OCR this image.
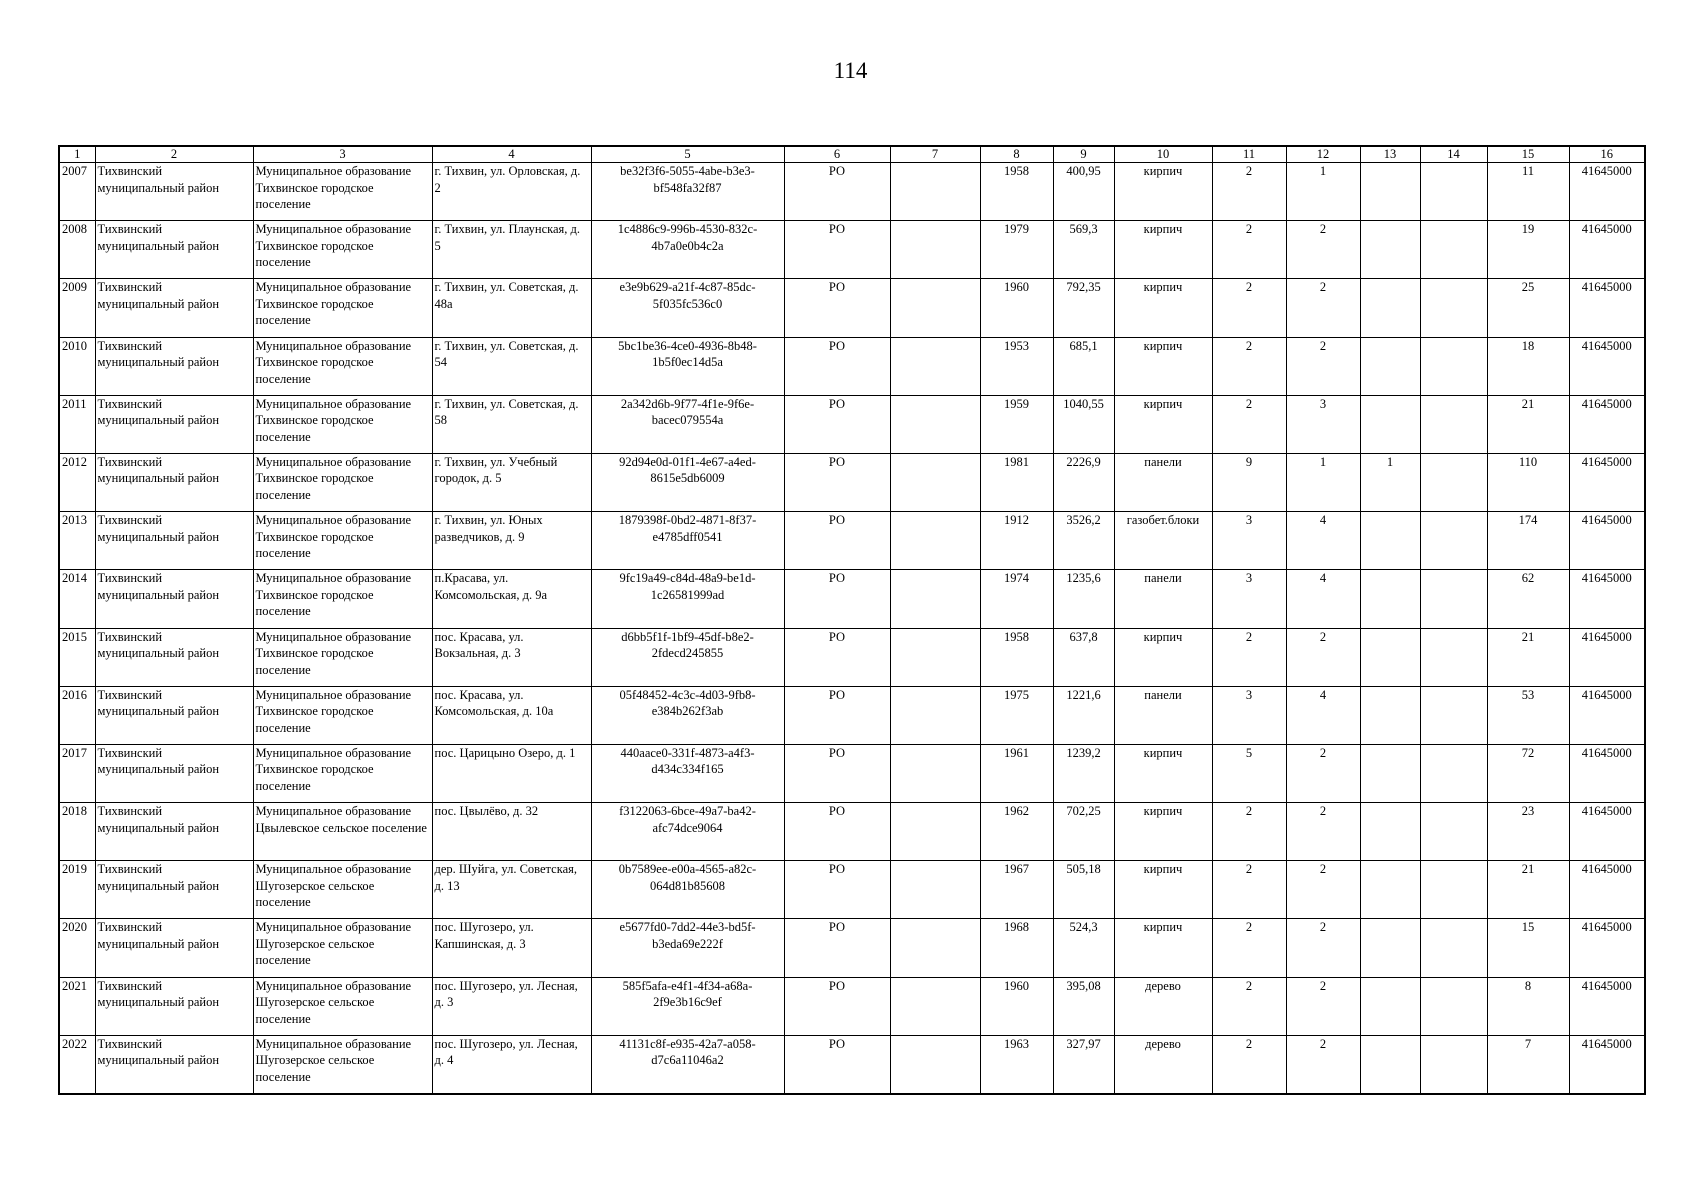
114
1	2	3	4	5	6	7	8	9	10	11	12	13	14	15	16
2007	Тихвинский муниципальный район	Муниципальное образование Тихвинское городское поселение	г. Тихвин, ул. Орловская, д. 2	be32f3f6-5055-4abe-b3e3-bf548fa32f87	РО		1958	400,95	кирпич	2	1			11	41645000
2008	Тихвинский муниципальный район	Муниципальное образование Тихвинское городское поселение	г. Тихвин, ул. Плаунская, д. 5	1c4886c9-996b-4530-832c-4b7a0e0b4c2a	РО		1979	569,3	кирпич	2	2			19	41645000
2009	Тихвинский муниципальный район	Муниципальное образование Тихвинское городское поселение	г. Тихвин, ул. Советская, д. 48а	e3e9b629-a21f-4c87-85dc-5f035fc536c0	РО		1960	792,35	кирпич	2	2			25	41645000
2010	Тихвинский муниципальный район	Муниципальное образование Тихвинское городское поселение	г. Тихвин, ул. Советская, д. 54	5bc1be36-4ce0-4936-8b48-1b5f0ec14d5a	РО		1953	685,1	кирпич	2	2			18	41645000
2011	Тихвинский муниципальный район	Муниципальное образование Тихвинское городское поселение	г. Тихвин, ул. Советская, д. 58	2a342d6b-9f77-4f1e-9f6e-bacec079554a	РО		1959	1040,55	кирпич	2	3			21	41645000
2012	Тихвинский муниципальный район	Муниципальное образование Тихвинское городское поселение	г. Тихвин, ул. Учебный городок, д. 5	92d94e0d-01f1-4e67-a4ed-8615e5db6009	РО		1981	2226,9	панели	9	1	1		110	41645000
2013	Тихвинский муниципальный район	Муниципальное образование Тихвинское городское поселение	г. Тихвин, ул. Юных разведчиков, д. 9	1879398f-0bd2-4871-8f37-e4785dff0541	РО		1912	3526,2	газобет.блоки	3	4			174	41645000
2014	Тихвинский муниципальный район	Муниципальное образование Тихвинское городское поселение	п.Красава, ул. Комсомольская, д. 9а	9fc19a49-c84d-48a9-be1d-1c26581999ad	РО		1974	1235,6	панели	3	4			62	41645000
2015	Тихвинский муниципальный район	Муниципальное образование Тихвинское городское поселение	пос. Красава, ул. Вокзальная, д. 3	d6bb5f1f-1bf9-45df-b8e2-2fdecd245855	РО		1958	637,8	кирпич	2	2			21	41645000
2016	Тихвинский муниципальный район	Муниципальное образование Тихвинское городское поселение	пос. Красава, ул. Комсомольская, д. 10а	05f48452-4c3c-4d03-9fb8-e384b262f3ab	РО		1975	1221,6	панели	3	4			53	41645000
2017	Тихвинский муниципальный район	Муниципальное образование Тихвинское городское поселение	пос. Царицыно Озеро, д. 1	440aace0-331f-4873-a4f3-d434c334f165	РО		1961	1239,2	кирпич	5	2			72	41645000
2018	Тихвинский муниципальный район	Муниципальное образование Цвылевское сельское поселение	пос. Цвылёво, д. 32	f3122063-6bce-49a7-ba42-afc74dce9064	РО		1962	702,25	кирпич	2	2			23	41645000
2019	Тихвинский муниципальный район	Муниципальное образование Шугозерское сельское поселение	дер. Шуйга, ул. Советская, д. 13	0b7589ee-e00a-4565-a82c-064d81b85608	РО		1967	505,18	кирпич	2	2			21	41645000
2020	Тихвинский муниципальный район	Муниципальное образование Шугозерское сельское поселение	пос. Шугозеро, ул. Капшинская, д. 3	e5677fd0-7dd2-44e3-bd5f-b3eda69e222f	РО		1968	524,3	кирпич	2	2			15	41645000
2021	Тихвинский муниципальный район	Муниципальное образование Шугозерское сельское поселение	пос. Шугозеро, ул. Лесная, д. 3	585f5afa-e4f1-4f34-a68a-2f9e3b16c9ef	РО		1960	395,08	дерево	2	2			8	41645000
2022	Тихвинский муниципальный район	Муниципальное образование Шугозерское сельское поселение	пос. Шугозеро, ул. Лесная, д. 4	41131c8f-e935-42a7-a058-d7c6a11046a2	РО		1963	327,97	дерево	2	2			7	41645000
